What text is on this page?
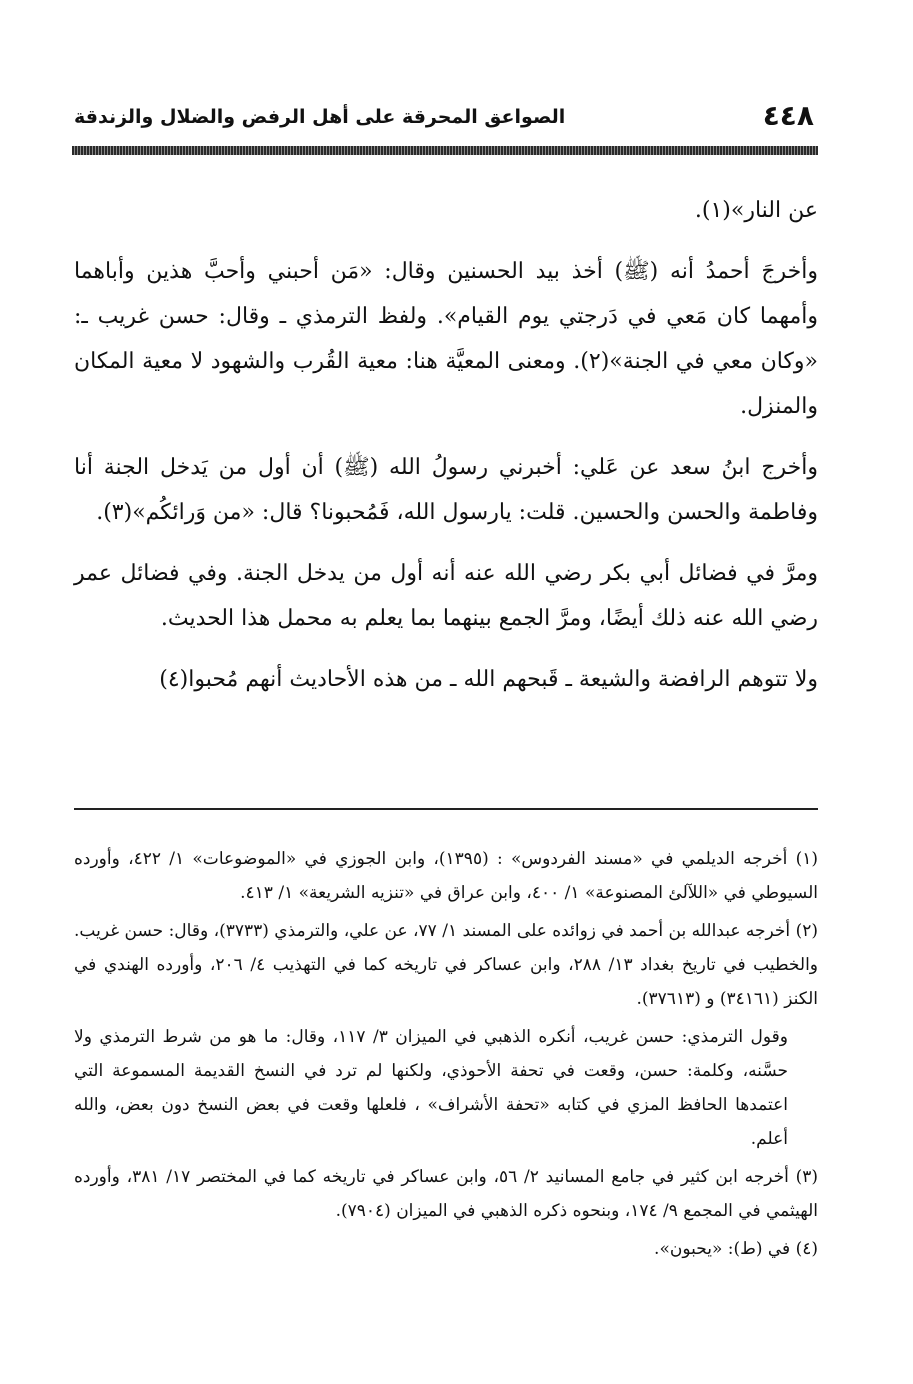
٤٤٨
الصواعق المحرقة على أهل الرفض والضلال والزندقة

عن النار»(١).

وأخرجَ أحمدُ أنه (ﷺ) أخذ بيد الحسنين وقال: «مَن أحبني وأحبَّ هذين وأباهما وأمهما كان مَعي في دَرجتي يوم القيام». ولفظ الترمذي ـ وقال: حسن غريب ـ: «وكان معي في الجنة»(٢). ومعنى المعيَّة هنا: معية القُرب والشهود لا معية المكان والمنزل.

وأخرج ابنُ سعد عن عَلي: أخبرني رسولُ الله (ﷺ) أن أول من يَدخل الجنة أنا وفاطمة والحسن والحسين. قلت: يارسول الله، فَمُحبونا؟ قال: «من وَرائكُم»(٣).

ومرَّ في فضائل أبي بكر رضي الله عنه أنه أول من يدخل الجنة. وفي فضائل عمر رضي الله عنه ذلك أيضًا، ومرَّ الجمع بينهما بما يعلم به محمل هذا الحديث.

ولا تتوهم الرافضة والشيعة ـ قَبحهم الله ـ من هذه الأحاديث أنهم مُحبوا(٤)

(١) أخرجه الديلمي في «مسند الفردوس» : (١٣٩٥)، وابن الجوزي في «الموضوعات» ١/ ٤٢٢، وأورده السيوطي في «اللآلئ المصنوعة» ١/ ٤٠٠، وابن عراق في «تنزيه الشريعة» ١/ ٤١٣.

(٢) أخرجه عبدالله بن أحمد في زوائده على المسند ١/ ٧٧، عن علي، والترمذي (٣٧٣٣)، وقال: حسن غريب. والخطيب في تاريخ بغداد ١٣/ ٢٨٨، وابن عساكر في تاريخه كما في التهذيب ٤/ ٢٠٦، وأورده الهندي في الكنز (٣٤١٦١) و (٣٧٦١٣).

وقول الترمذي: حسن غريب، أنكره الذهبي في الميزان ٣/ ١١٧، وقال: ما هو من شرط الترمذي ولا حسَّنه، وكلمة: حسن، وقعت في تحفة الأحوذي، ولكنها لم ترد في النسخ القديمة المسموعة التي اعتمدها الحافظ المزي في كتابه «تحفة الأشراف» ، فلعلها وقعت في بعض النسخ دون بعض، والله أعلم.

(٣) أخرجه ابن كثير في جامع المسانيد ٢/ ٥٦، وابن عساكر في تاريخه كما في المختصر ١٧/ ٣٨١، وأورده الهيثمي في المجمع ٩/ ١٧٤، وبنحوه ذكره الذهبي في الميزان (٧٩٠٤).

(٤) في (ط): «يحبون».
